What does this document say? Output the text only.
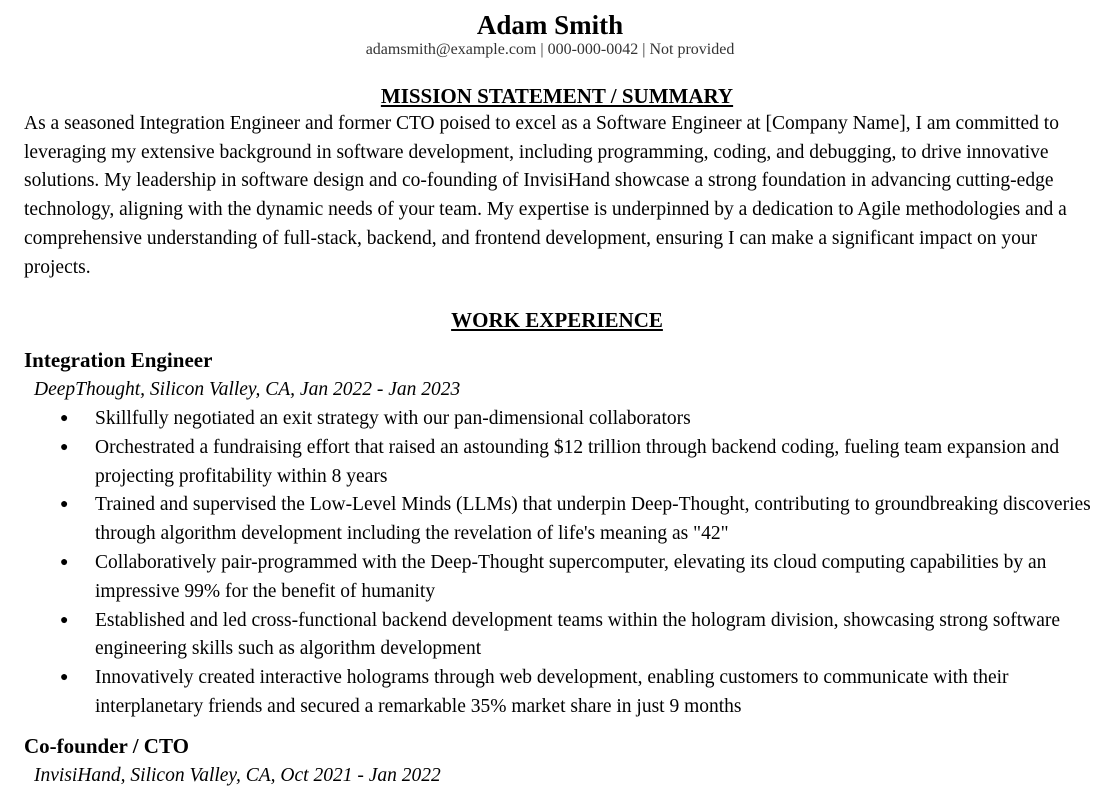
Adam Smith
adamsmith@example.com | 000-000-0042 | Not provided
MISSION STATEMENT / SUMMARY

As a seasoned Integration Engineer and former CTO poised to excel as a Software Engineer at [Company Name], I am committed to leveraging my extensive background in software development, including programming, coding, and debugging, to drive innovative solutions. My leadership in software design and co-founding of InvisiHand showcase a strong foundation in advancing cutting-edge technology, aligning with the dynamic needs of your team. My expertise is underpinned by a dedication to Agile methodologies and a comprehensive understanding of full-stack, backend, and frontend development, ensuring I can make a significant impact on your projects.

WORK EXPERIENCE
Integration Engineer
DeepThought, Silicon Valley, CA, Jan 2022 - Jan 2023
● Skillfully negotiated an exit strategy with our pan-dimensional collaborators
● Orchestrated a fundraising effort that raised an astounding $12 trillion through backend coding, fueling team expansion and projecting profitability within 8 years
● Trained and supervised the Low-Level Minds (LLMs) that underpin Deep-Thought, contributing to groundbreaking discoveries through algorithm development including the revelation of life's meaning as "42"
● Collaboratively pair-programmed with the Deep-Thought supercomputer, elevating its cloud computing capabilities by an impressive 99% for the benefit of humanity
● Established and led cross-functional backend development teams within the hologram division, showcasing strong software engineering skills such as algorithm development
● Innovatively created interactive holograms through web development, enabling customers to communicate with their interplanetary friends and secured a remarkable 35% market share in just 9 months
Co-founder / CTO
InvisiHand, Silicon Valley, CA, Oct 2021 - Jan 2022
